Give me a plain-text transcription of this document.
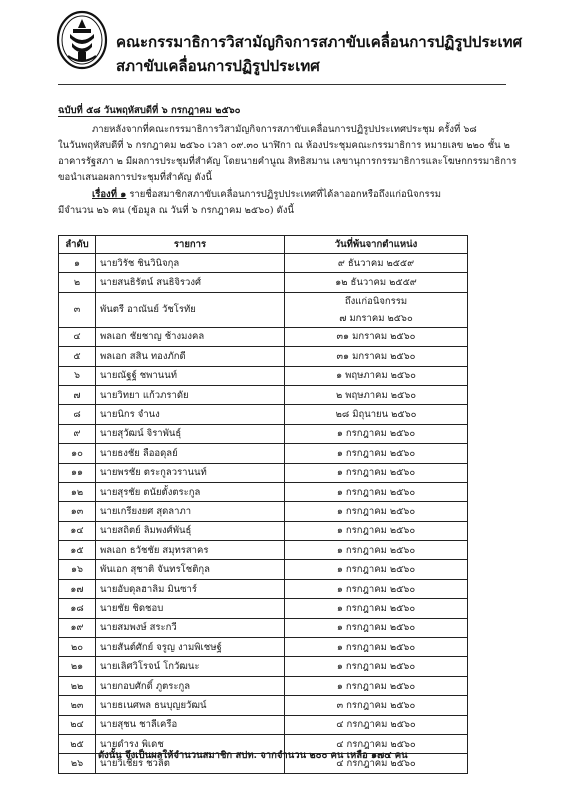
คณะกรรมาธิการวิสามัญกิจการสภาขับเคลื่อนการปฏิรูปประเทศ
สภาขับเคลื่อนการปฏิรูปประเทศ
ฉบับที่ ๕๘ วันพฤหัสบดีที่ ๖ กรกฎาคม ๒๕๖๐
ภายหลังจากที่คณะกรรมาธิการวิสามัญกิจการสภาขับเคลื่อนการปฏิรูปประเทศประชุม ครั้งที่ ๖๘
ในวันพฤหัสบดีที่ ๖ กรกฎาคม ๒๕๖๐ เวลา ๐๙.๓๐ นาฬิกา ณ ห้องประชุมคณะกรรมาธิการ หมายเลข ๒๒๐ ชั้น ๒
อาคารรัฐสภา ๒ มีผลการประชุมที่สำคัญ โดยนายคำนูณ สิทธิสมาน เลขานุการกรรมาธิการและโฆษกกรรมาธิการ
ขอนำเสนอผลการประชุมที่สำคัญ ดังนี้
เรื่องที่ ๑ รายชื่อสมาชิกสภาขับเคลื่อนการปฏิรูปประเทศที่ได้ลาออกหรือถึงแก่อนิจกรรม
มีจำนวน ๒๖ คน (ข้อมูล ณ วันที่ ๖ กรกฎาคม ๒๕๖๐) ดังนี้
ลำดับ	รายการ	วันที่พ้นจากตำแหน่ง
๑	นายวิรัช ชินวินิจกุล	๙ ธันวาคม ๒๕๕๙
๒	นายสนธิรัตน์ สนธิจิรวงศ์	๑๒ ธันวาคม ๒๕๕๙
๓	พันตรี อาณันย์ วัชโรทัย	ถึงแก่อนิจกรรม
๗ มกราคม ๒๕๖๐

๔	พลเอก ชัยชาญ ช้างมงคล	๓๑ มกราคม ๒๕๖๐
๕	พลเอก สสิน ทองภักดี	๓๑ มกราคม ๒๕๖๐
๖	นายณัฐฐ์ ชพานนท์	๑ พฤษภาคม ๒๕๖๐
๗	นายวิทยา แก้วภราดัย	๒ พฤษภาคม ๒๕๖๐
๘	นายนิกร จำนง	๒๘ มิถุนายน ๒๕๖๐
๙	นายสุวัฒน์ จิราพันธุ์	๑ กรกฎาคม ๒๕๖๐
๑๐	นายธงชัย ลืออดุลย์	๑ กรกฎาคม ๒๕๖๐
๑๑	นายพรชัย ตระกูลวรานนท์	๑ กรกฎาคม ๒๕๖๐
๑๒	นายสุรชัย ตนัยตั้งตระกูล	๑ กรกฎาคม ๒๕๖๐
๑๓	นายเกรียงยศ สุดลาภา	๑ กรกฎาคม ๒๕๖๐
๑๔	นายสถิตย์ ลิมพงศ์พันธุ์	๑ กรกฎาคม ๒๕๖๐
๑๕	พลเอก ธวัชชัย สมุทรสาคร	๑ กรกฎาคม ๒๕๖๐
๑๖	พันเอก สุชาติ จันทรโชติกุล	๑ กรกฎาคม ๒๕๖๐
๑๗	นายอับดุลฮาลิม มินซาร์	๑ กรกฎาคม ๒๕๖๐
๑๘	นายชัย ชิดชอบ	๑ กรกฎาคม ๒๕๖๐
๑๙	นายสมพงษ์ สระกวี	๑ กรกฎาคม ๒๕๖๐
๒๐	นายสันต์ศักย์ จรูญ งามพิเชษฐ์	๑ กรกฎาคม ๒๕๖๐
๒๑	นายเลิศวิโรจน์ โกวัฒนะ	๑ กรกฎาคม ๒๕๖๐
๒๒	นายกอบศักดิ์ ภูตระกูล	๑ กรกฎาคม ๒๕๖๐
๒๓	นายธเนศพล ธนบุญยวัฒน์	๓ กรกฎาคม ๒๕๖๐
๒๔	นายสุชน ชาลีเครือ	๔ กรกฎาคม ๒๕๖๐
๒๕	นายดำรง พิเดช	๔ กรกฎาคม ๒๕๖๐
๒๖	นายวิเชียร ชวลิต	๔ กรกฎาคม ๒๕๖๐
ดังนั้น จึงเป็นผลให้จำนวนสมาชิก สปท. จากจำนวน ๒๐๐ คน เหลือ ๑๗๔ คน
